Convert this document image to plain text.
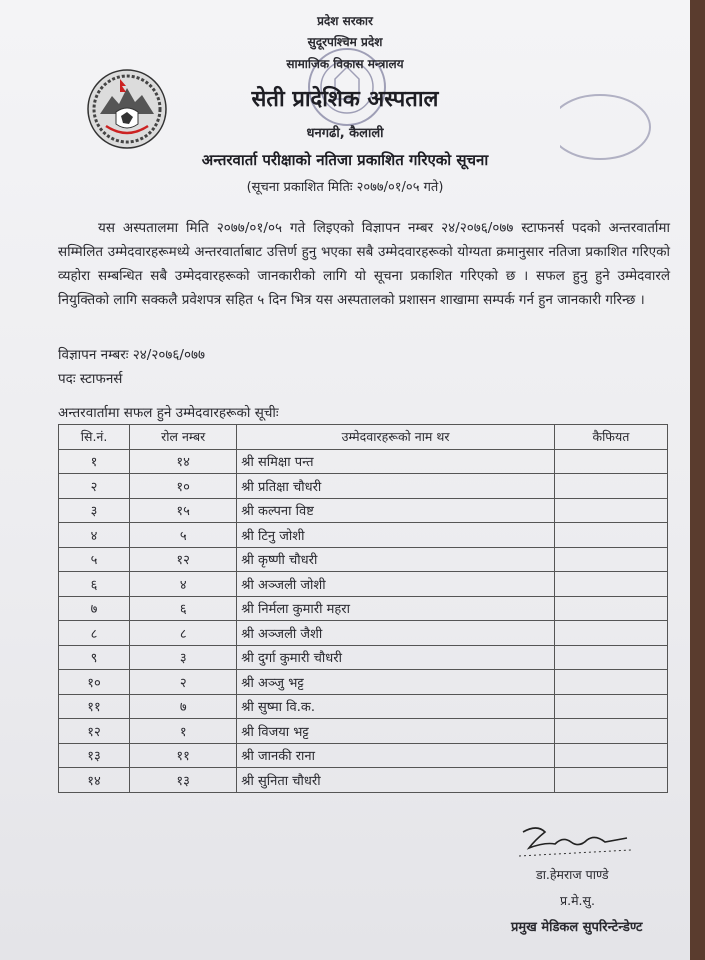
प्रदेश सरकार
सुदूरपश्चिम प्रदेश
सामाजिक विकास मन्त्रालय
सेती प्रादेशिक अस्पताल
धनगढी, कैलाली
अन्तरवार्ता परीक्षाको नतिजा प्रकाशित गरिएको सूचना
(सूचना प्रकाशित मितिः २०७७/०१/०५ गते)
यस अस्पतालमा मिति २०७७/०१/०५ गते लिइएको विज्ञापन नम्बर २४/२०७६/०७७ स्टाफनर्स पदको अन्तरवार्तामा सम्मिलित उम्मेदवारहरूमध्ये अन्तरवार्ताबाट उत्तिर्ण हुनु भएका सबै उम्मेदवारहरूको योग्यता क्रमानुसार नतिजा प्रकाशित गरिएको व्यहोरा सम्बन्धित सबै उम्मेदवारहरूको जानकारीको लागि यो सूचना प्रकाशित गरिएको छ । सफल हुनु हुने उम्मेदवारले नियुक्तिको लागि सक्कलै प्रवेशपत्र सहित ५ दिन भित्र यस अस्पतालको प्रशासन शाखामा सम्पर्क गर्न हुन जानकारी गरिन्छ ।
विज्ञापन नम्बरः २४/२०७६/०७७
पदः स्टाफनर्स
अन्तरवार्तामा सफल हुने उम्मेदवारहरूको सूचीः
सि.नं.	रोल नम्बर	उम्मेदवारहरूको नाम थर	कैफियत
१	१४	श्री समिक्षा पन्त	
२	१०	श्री प्रतिक्षा चौधरी	
३	१५	श्री कल्पना विष्ट	
४	५	श्री टिनु जोशी	
५	१२	श्री कृष्णी चौधरी	
६	४	श्री अञ्जली जोशी	
७	६	श्री निर्मला कुमारी महरा	
८	८	श्री अञ्जली जैशी	
९	३	श्री दुर्गा कुमारी चौधरी	
१०	२	श्री अञ्जु भट्ट	
११	७	श्री सुष्मा वि.क.	
१२	१	श्री विजया भट्ट	
१३	११	श्री जानकी राना	
१४	१३	श्री सुनिता चौधरी	
डा.हेमराज पाण्डे
प्र.मे.सु.
प्रमुख मेडिकल सुपरिन्टेन्डेण्ट
